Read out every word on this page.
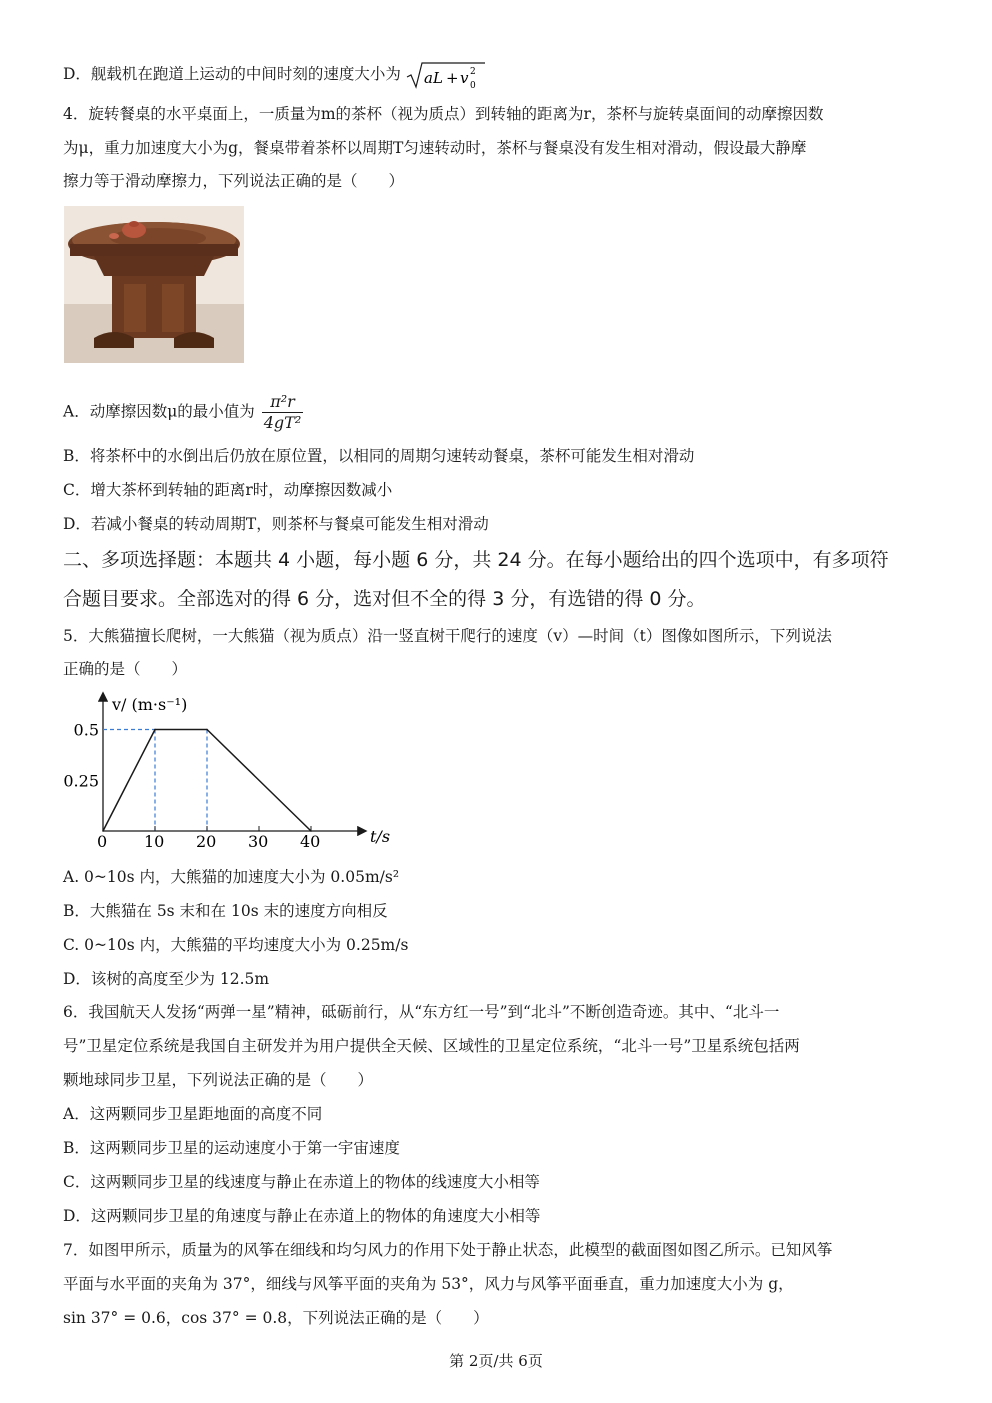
D．舰载机在跑道上运动的中间时刻的速度大小为 aL + v 0
2
4．旋转餐桌的水平桌面上，一质量为m的茶杯（视为质点）到转轴的距离为r，茶杯与旋转桌面间的动摩擦因数
为μ，重力加速度大小为g，餐桌带着茶杯以周期T匀速转动时，茶杯与餐桌没有发生相对滑动，假设最大静摩
擦力等于滑动摩擦力，下列说法正确的是（　　）
A．动摩擦因数μ的最小值为 $\frac{\text{π²r}}{\text{4gT²}}$
B．将茶杯中的水倒出后仍放在原位置，以相同的周期匀速转动餐桌，茶杯可能发生相对滑动
C．增大茶杯到转轴的距离r时，动摩擦因数减小
D．若减小餐桌的转动周期T，则茶杯与餐桌可能发生相对滑动
二、多项选择题：本题共 4 小题，每小题 6 分，共 24 分。在每小题给出的四个选项中，有多项符
合题目要求。全部选对的得 6 分，选对但不全的得 3 分，有选错的得 0 分。
5．大熊猫擅长爬树，一大熊猫（视为质点）沿一竖直树干爬行的速度（v）—时间（t）图像如图所示，下列说法
正确的是（　　）
0 10 20 30 40
0.5
0.25
v/ (m·s⁻¹)
t/s
A. 0~10s 内，大熊猫的加速度大小为 0.05m/s²
B．大熊猫在 5s 末和在 10s 末的速度方向相反
C. 0~10s 内，大熊猫的平均速度大小为 0.25m/s
D．该树的高度至少为 12.5m
6．我国航天人发扬“两弹一星”精神，砥砺前行，从“东方红一号”到“北斗”不断创造奇迹。其中、“北斗一
号”卫星定位系统是我国自主研发并为用户提供全天候、区域性的卫星定位系统，“北斗一号”卫星系统包括两
颗地球同步卫星，下列说法正确的是（　　）
A．这两颗同步卫星距地面的高度不同
B．这两颗同步卫星的运动速度小于第一宇宙速度
C．这两颗同步卫星的线速度与静止在赤道上的物体的线速度大小相等
D．这两颗同步卫星的角速度与静止在赤道上的物体的角速度大小相等
7．如图甲所示，质量为的风筝在细线和均匀风力的作用下处于静止状态，此模型的截面图如图乙所示。已知风筝
平面与水平面的夹角为 37°，细线与风筝平面的夹角为 53°，风力与风筝平面垂直，重力加速度大小为 g，
sin 37° = 0.6，cos 37° = 0.8，下列说法正确的是（　　）
第 2页/共 6页
